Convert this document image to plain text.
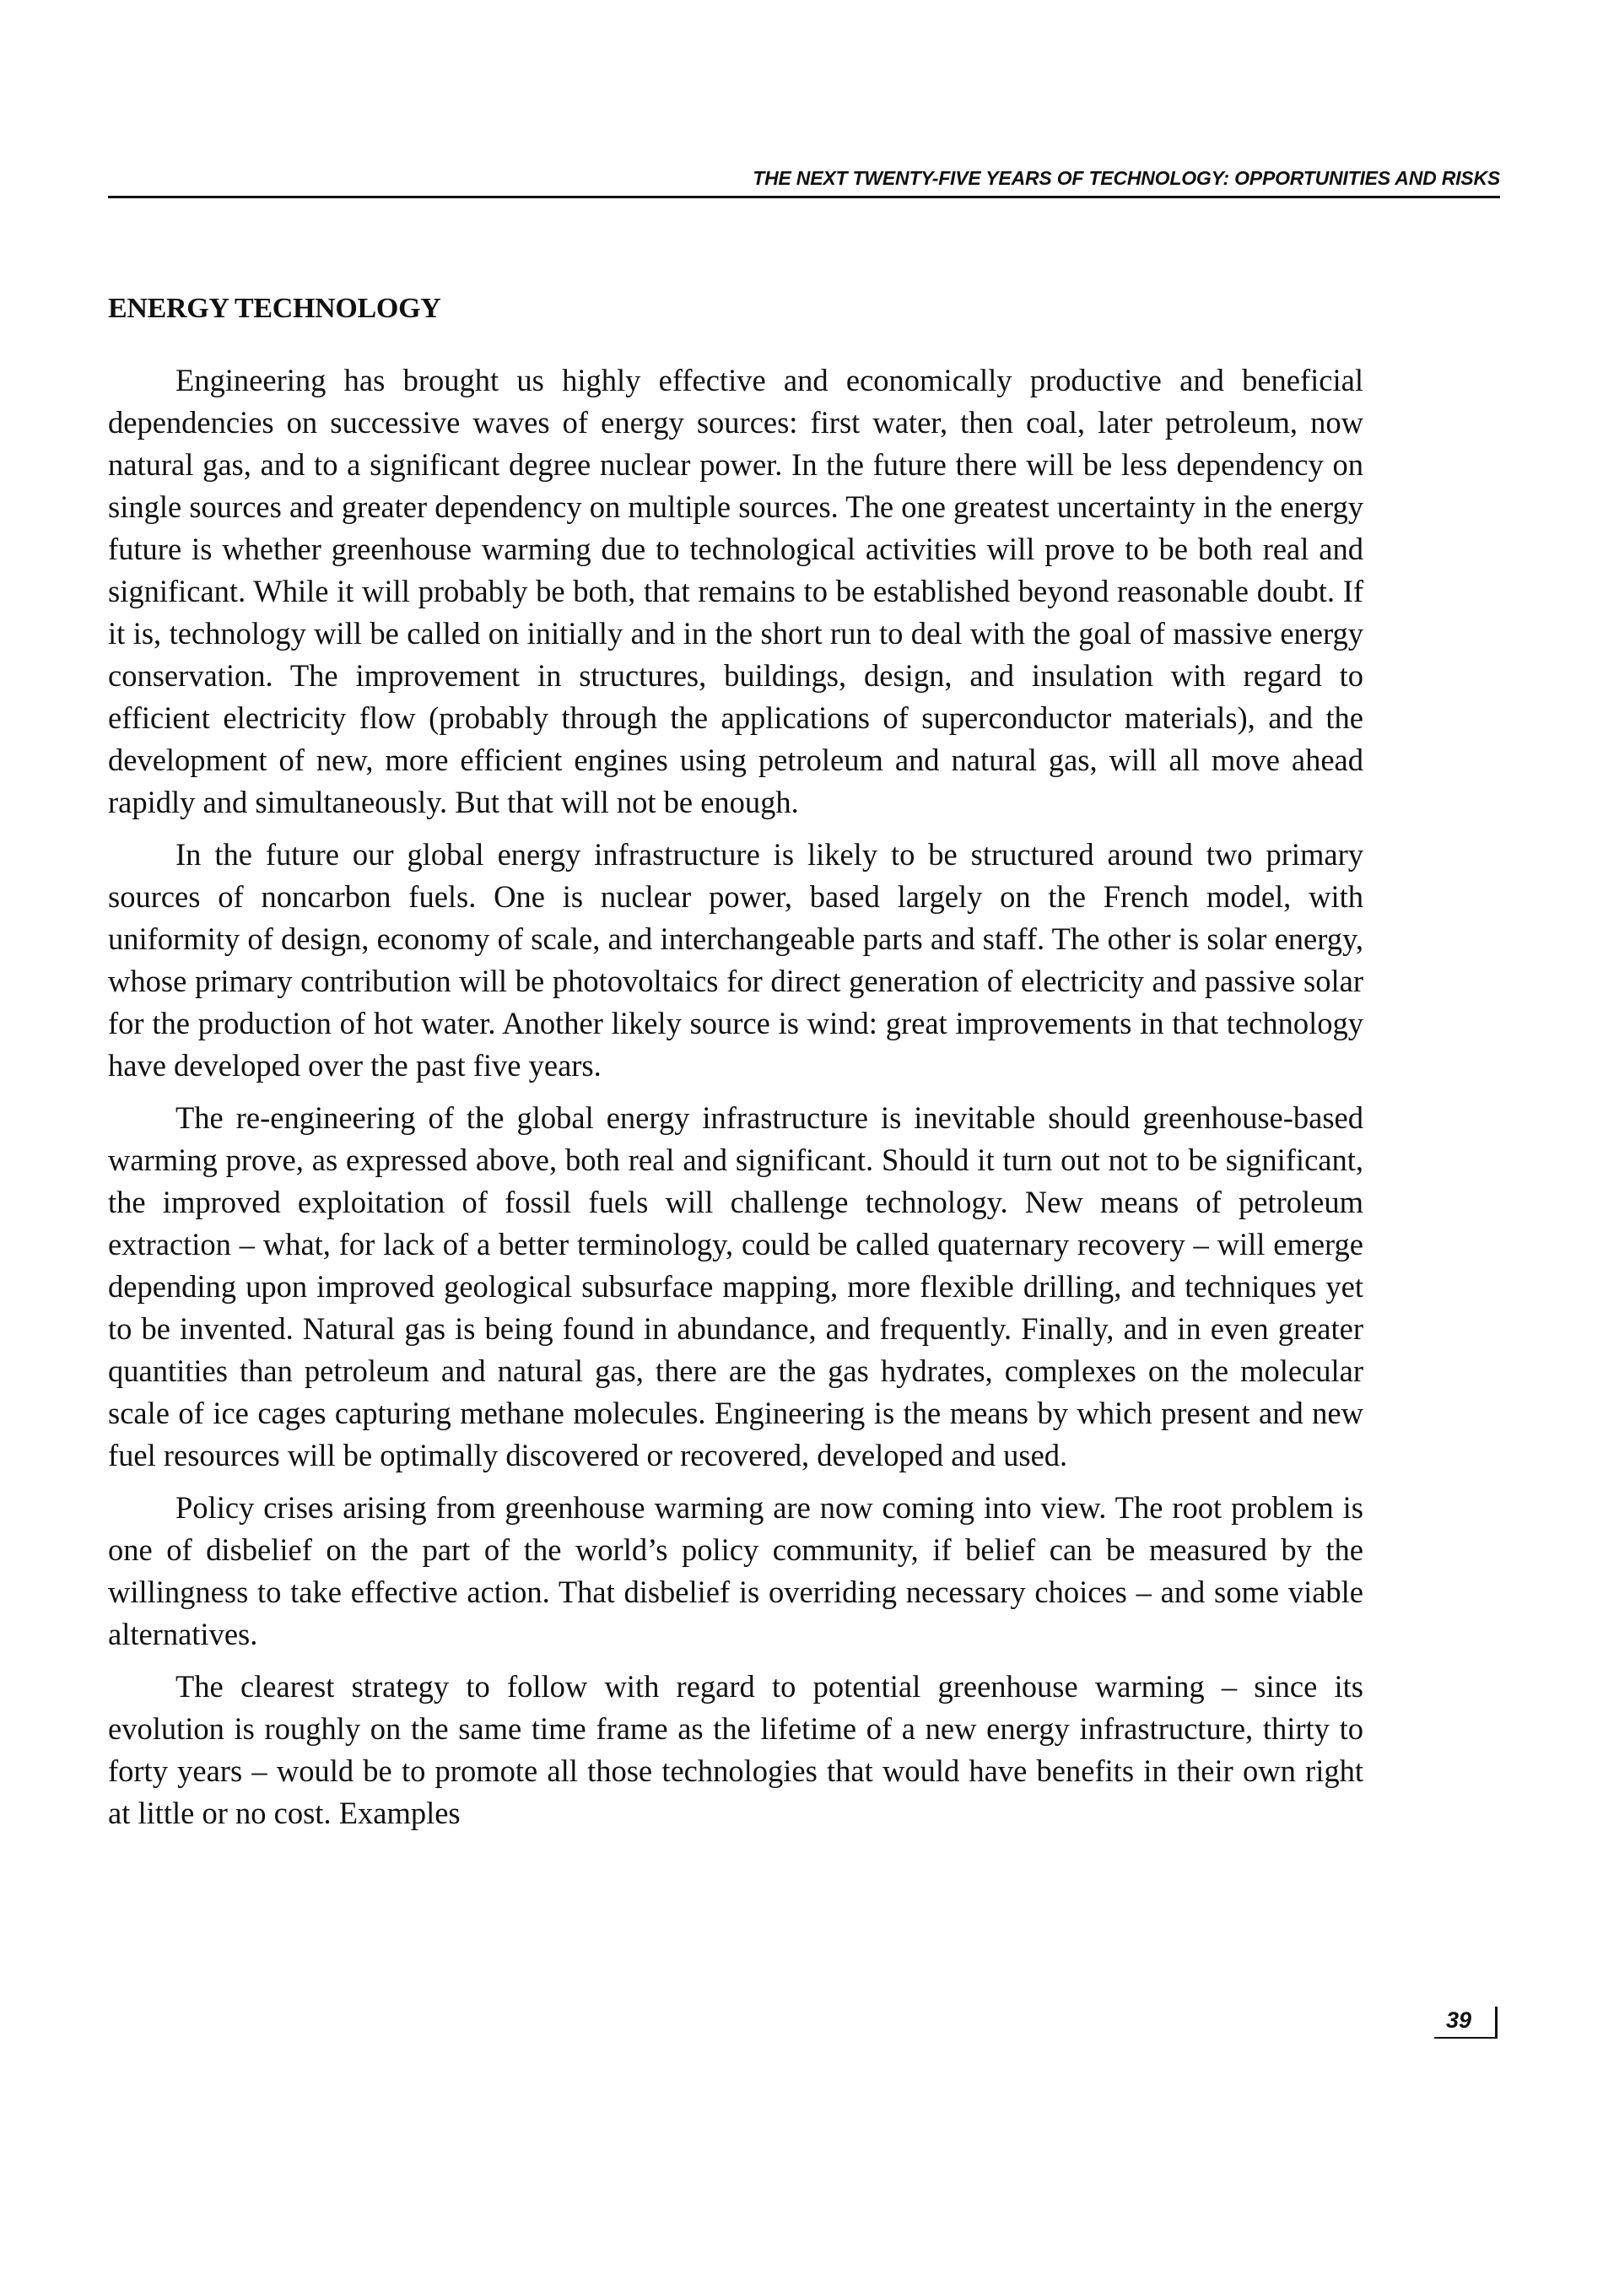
THE NEXT TWENTY-FIVE YEARS OF TECHNOLOGY: OPPORTUNITIES AND RISKS
ENERGY TECHNOLOGY

Engineering has brought us highly effective and economically productive and beneficial dependencies on successive waves of energy sources: first water, then coal, later petroleum, now natural gas, and to a significant degree nuclear power. In the future there will be less dependency on single sources and greater dependency on multiple sources. The one greatest uncertainty in the energy future is whether greenhouse warming due to technological activities will prove to be both real and significant. While it will probably be both, that remains to be established beyond reasonable doubt. If it is, technology will be called on initially and in the short run to deal with the goal of massive energy conservation. The improvement in structures, buildings, design, and insulation with regard to efficient electricity flow (probably through the applications of superconductor materials), and the development of new, more efficient engines using petroleum and natural gas, will all move ahead rapidly and simultaneously. But that will not be enough.

In the future our global energy infrastructure is likely to be structured around two primary sources of noncarbon fuels. One is nuclear power, based largely on the French model, with uniformity of design, economy of scale, and interchangeable parts and staff. The other is solar energy, whose primary contribution will be photovoltaics for direct generation of electricity and passive solar for the production of hot water. Another likely source is wind: great improvements in that technology have developed over the past five years.

The re-engineering of the global energy infrastructure is inevitable should greenhouse-based warming prove, as expressed above, both real and significant. Should it turn out not to be significant, the improved exploitation of fossil fuels will challenge technology. New means of petroleum extraction – what, for lack of a better terminology, could be called quaternary recovery – will emerge depending upon improved geological subsurface mapping, more flexible drilling, and techniques yet to be invented. Natural gas is being found in abundance, and frequently. Finally, and in even greater quantities than petroleum and natural gas, there are the gas hydrates, complexes on the molecular scale of ice cages capturing methane molecules. Engineering is the means by which present and new fuel resources will be optimally discovered or recovered, developed and used.

Policy crises arising from greenhouse warming are now coming into view. The root problem is one of disbelief on the part of the world’s policy community, if belief can be measured by the willingness to take effective action. That disbelief is overriding necessary choices – and some viable alternatives.

The clearest strategy to follow with regard to potential greenhouse warming – since its evolution is roughly on the same time frame as the lifetime of a new energy infrastructure, thirty to forty years – would be to promote all those technologies that would have benefits in their own right at little or no cost. Examples

39
